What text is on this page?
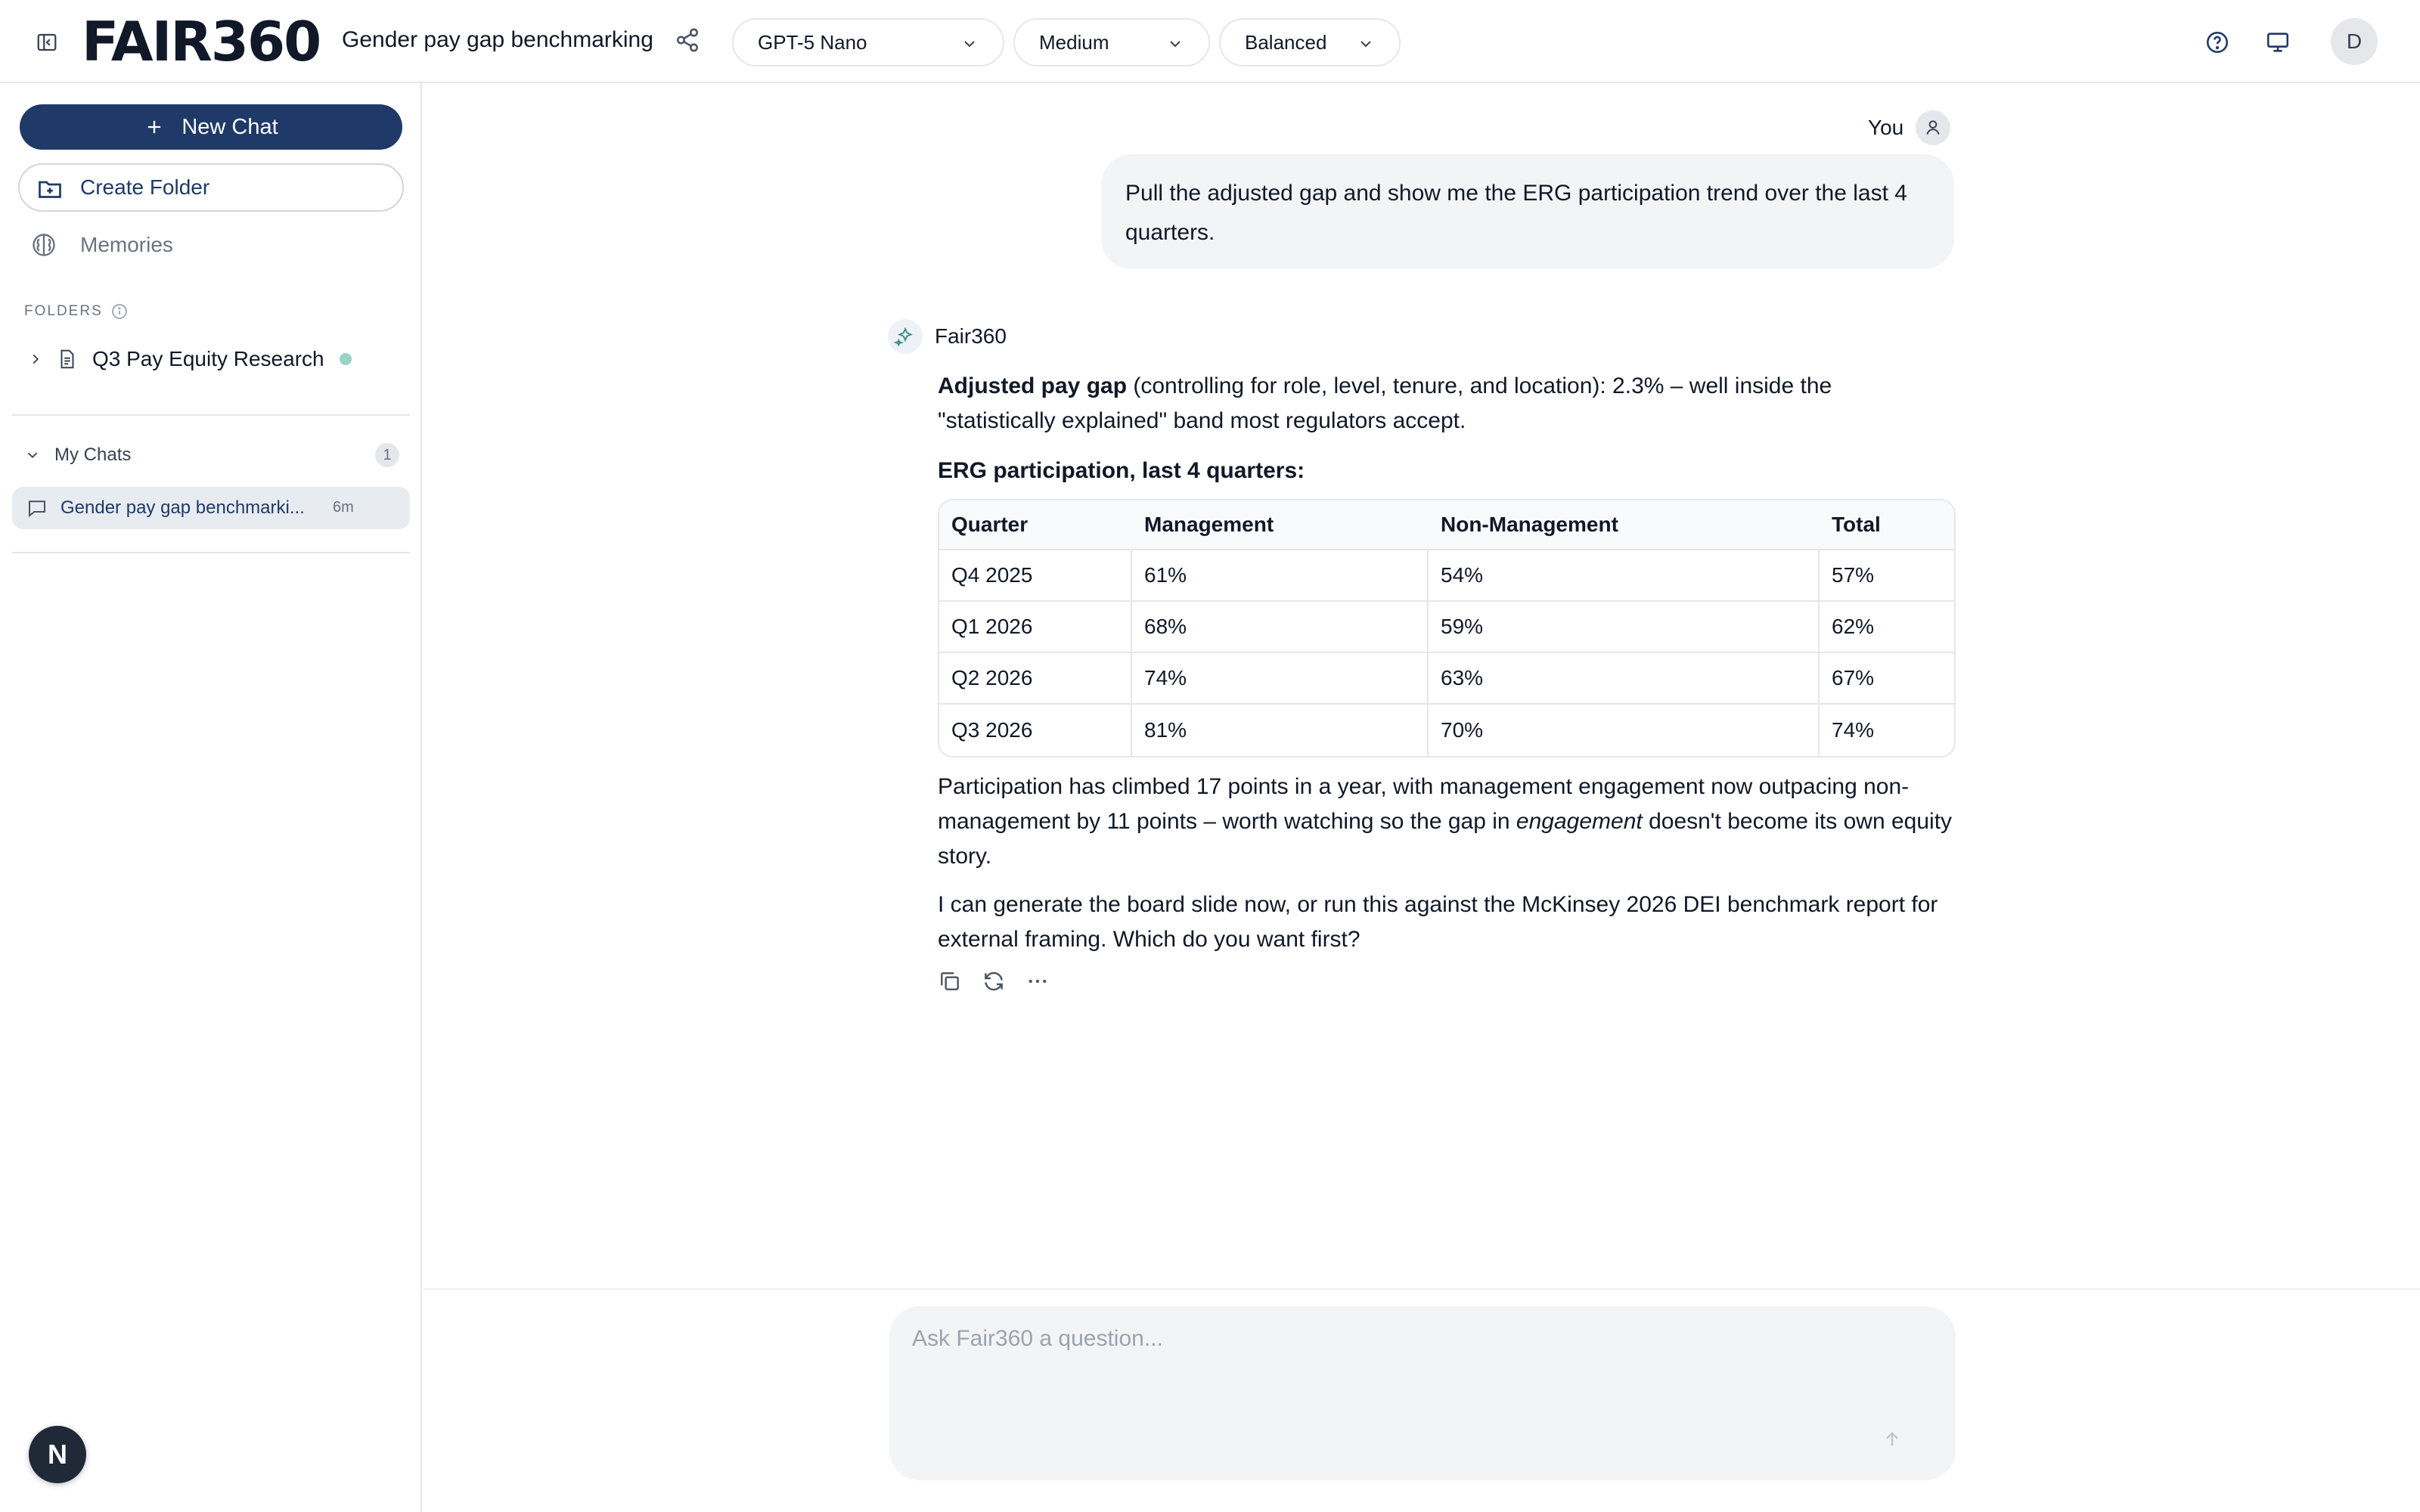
FAIR360 Gender pay gap benchmarking	GPT-5 Nano	Medium	Balanced	D
New Chat
Create Folder
Memories
FOLDERS
Q3 Pay Equity Research
My Chats	1
Gender pay gap benchmarki... 6m
N
You
Pull the adjusted gap and show me the ERG participation trend over the last 4 quarters.
Fair360

Adjusted pay gap (controlling for role, level, tenure, and location): 2.3% – well inside the "statistically explained" band most regulators accept.

ERG participation, last 4 quarters:

Quarter	Management	Non-Management	Total
Q4 2025	61%	54%	57%
Q1 2026	68%	59%	62%
Q2 2026	74%	63%	67%
Q3 2026	81%	70%	74%

Participation has climbed 17 points in a year, with management engagement now outpacing non-management by 11 points – worth watching so the gap in engagement doesn't become its own equity story.

I can generate the board slide now, or run this against the McKinsey 2026 DEI benchmark report for external framing. Which do you want first?

Ask Fair360 a question...
